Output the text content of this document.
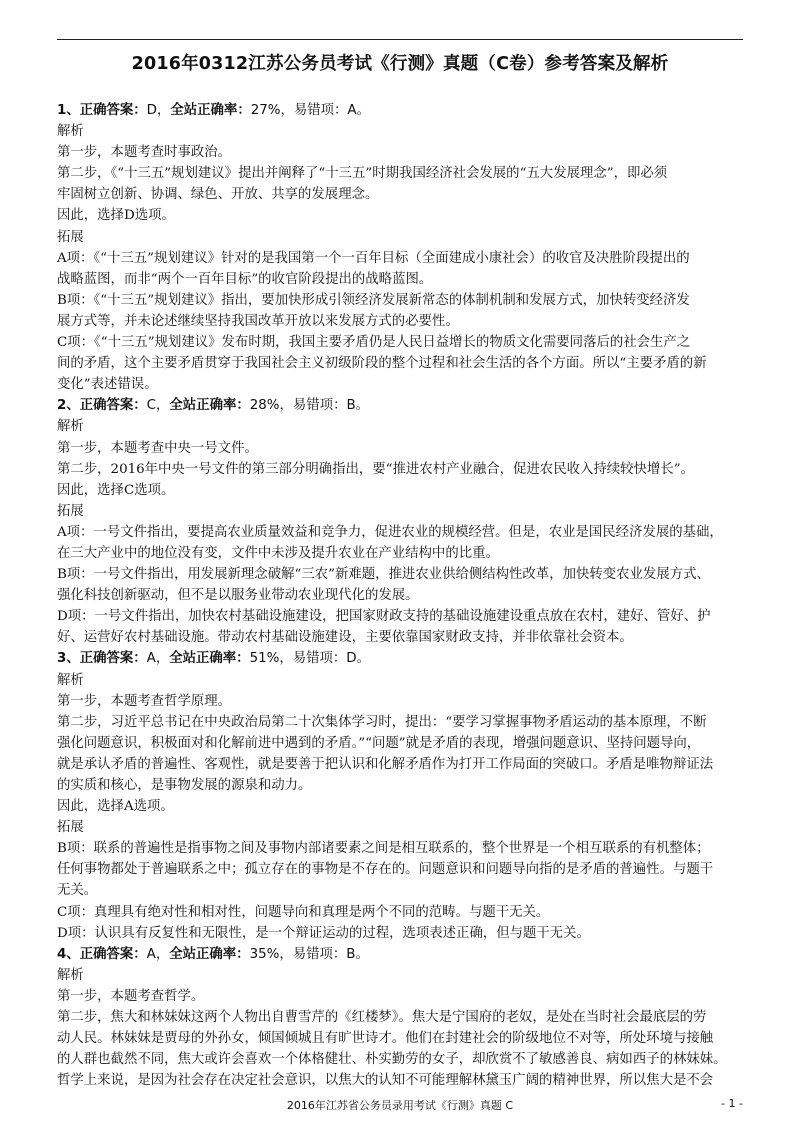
2016年0312江苏公务员考试《行测》真题（C卷）参考答案及解析
1、正确答案：D，全站正确率：27%，易错项：A。
解析
第一步，本题考查时事政治。
第二步，《“十三五”规划建议》提出并阐释了“十三五”时期我国经济社会发展的“五大发展理念”，即必须
牢固树立创新、协调、绿色、开放、共享的发展理念。
因此，选择D选项。
拓展
A项：《“十三五”规划建议》针对的是我国第一个一百年目标（全面建成小康社会）的收官及决胜阶段提出的
战略蓝图，而非“两个一百年目标”的收官阶段提出的战略蓝图。
B项：《“十三五”规划建议》指出，要加快形成引领经济发展新常态的体制机制和发展方式，加快转变经济发
展方式等，并未论述继续坚持我国改革开放以来发展方式的必要性。
C项：《“十三五”规划建议》发布时期，我国主要矛盾仍是人民日益增长的物质文化需要同落后的社会生产之
间的矛盾，这个主要矛盾贯穿于我国社会主义初级阶段的整个过程和社会生活的各个方面。所以“主要矛盾的新
变化”表述错误。
2、正确答案：C，全站正确率：28%，易错项：B。
解析
第一步，本题考查中央一号文件。
第二步，2016年中央一号文件的第三部分明确指出，要“推进农村产业融合，促进农民收入持续较快增长”。
因此，选择C选项。
拓展
A项：一号文件指出，要提高农业质量效益和竞争力，促进农业的规模经营。但是，农业是国民经济发展的基础，
在三大产业中的地位没有变，文件中未涉及提升农业在产业结构中的比重。
B项：一号文件指出，用发展新理念破解“三农”新难题，推进农业供给侧结构性改革，加快转变农业发展方式、
强化科技创新驱动，但不是以服务业带动农业现代化的发展。
D项：一号文件指出，加快农村基础设施建设，把国家财政支持的基础设施建设重点放在农村，建好、管好、护
好、运营好农村基础设施。带动农村基础设施建设，主要依靠国家财政支持，并非依靠社会资本。
3、正确答案：A，全站正确率：51%，易错项：D。
解析
第一步，本题考查哲学原理。
第二步，习近平总书记在中央政治局第二十次集体学习时，提出：“要学习掌握事物矛盾运动的基本原理，不断
强化问题意识，积极面对和化解前进中遇到的矛盾。”“问题”就是矛盾的表现，增强问题意识、坚持问题导向，
就是承认矛盾的普遍性、客观性，就是要善于把认识和化解矛盾作为打开工作局面的突破口。矛盾是唯物辩证法
的实质和核心，是事物发展的源泉和动力。
因此，选择A选项。
拓展
B项：联系的普遍性是指事物之间及事物内部诸要素之间是相互联系的，整个世界是一个相互联系的有机整体；
任何事物都处于普遍联系之中；孤立存在的事物是不存在的。问题意识和问题导向指的是矛盾的普遍性。与题干
无关。
C项：真理具有绝对性和相对性，问题导向和真理是两个不同的范畴。与题干无关。
D项：认识具有反复性和无限性，是一个辩证运动的过程，选项表述正确，但与题干无关。
4、正确答案：A，全站正确率：35%，易错项：B。
解析
第一步，本题考查哲学。
第二步，焦大和林妹妹这两个人物出自曹雪芹的《红楼梦》。焦大是宁国府的老奴，是处在当时社会最底层的劳
动人民。林妹妹是贾母的外孙女，倾国倾城且有旷世诗才。他们在封建社会的阶级地位不对等，所处环境与接触
的人群也截然不同，焦大或许会喜欢一个体格健壮、朴实勤劳的女子，却欣赏不了敏感善良、病如西子的林妹妹。
哲学上来说，是因为社会存在决定社会意识，以焦大的认知不可能理解林黛玉广阔的精神世界，所以焦大是不会
2016年江苏省公务员录用考试《行测》真题 C	- 1 -
